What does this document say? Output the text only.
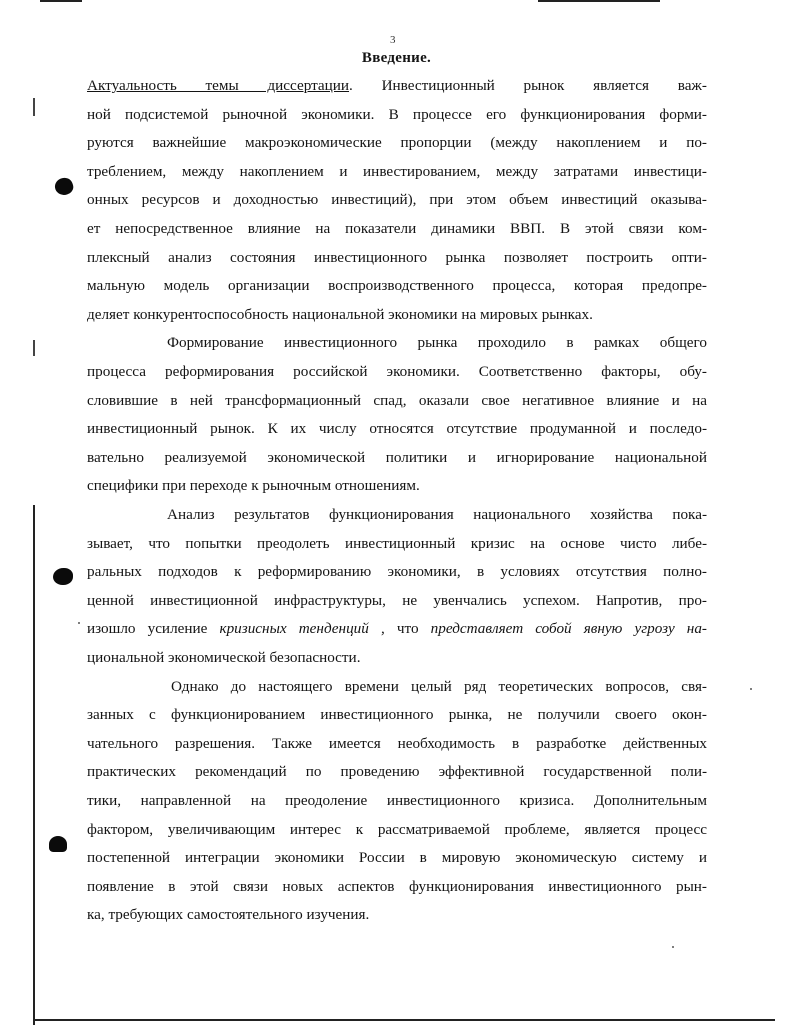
3
Введение.
Актуальность темы диссертации. Инвестиционный рынок является важ-
ной подсистемой рыночной экономики. В процессе его функционирования форми-
руются важнейшие макроэкономические пропорции (между накоплением и по-
треблением, между накоплением и инвестированием, между затратами инвестици-
онных ресурсов и доходностью инвестиций), при этом объем инвестиций оказыва-
ет непосредственное влияние на показатели динамики ВВП. В этой связи ком-
плексный анализ состояния инвестиционного рынка позволяет построить опти-
мальную модель организации воспроизводственного процесса, которая предопре-
деляет конкурентоспособность национальной экономики на мировых рынках.
Формирование инвестиционного рынка проходило в рамках общего
процесса реформирования российской экономики. Соответственно факторы, обу-
словившие в ней трансформационный спад, оказали свое негативное влияние и на
инвестиционный рынок. К их числу относятся отсутствие продуманной и последо-
вательно реализуемой экономической политики и игнорирование национальной
специфики при переходе к рыночным отношениям.
Анализ результатов функционирования национального хозяйства пока-
зывает, что попытки преодолеть инвестиционный кризис на основе чисто либе-
ральных подходов к реформированию экономики, в условиях отсутствия полно-
ценной инвестиционной инфраструктуры, не увенчались успехом. Напротив, про-
изошло усиление кризисных тенденций , что представляет собой явную угрозу на-
циональной экономической безопасности.
Однако до настоящего времени целый ряд теоретических вопросов, свя-
занных с функционированием инвестиционного рынка, не получили своего окон-
чательного разрешения. Также имеется необходимость в разработке действенных
практических рекомендаций по проведению эффективной государственной поли-
тики, направленной на преодоление инвестиционного кризиса. Дополнительным
фактором, увеличивающим интерес к рассматриваемой проблеме, является процесс
постепенной интеграции экономики России в мировую экономическую систему и
появление в этой связи новых аспектов функционирования инвестиционного рын-
ка, требующих самостоятельного изучения.
